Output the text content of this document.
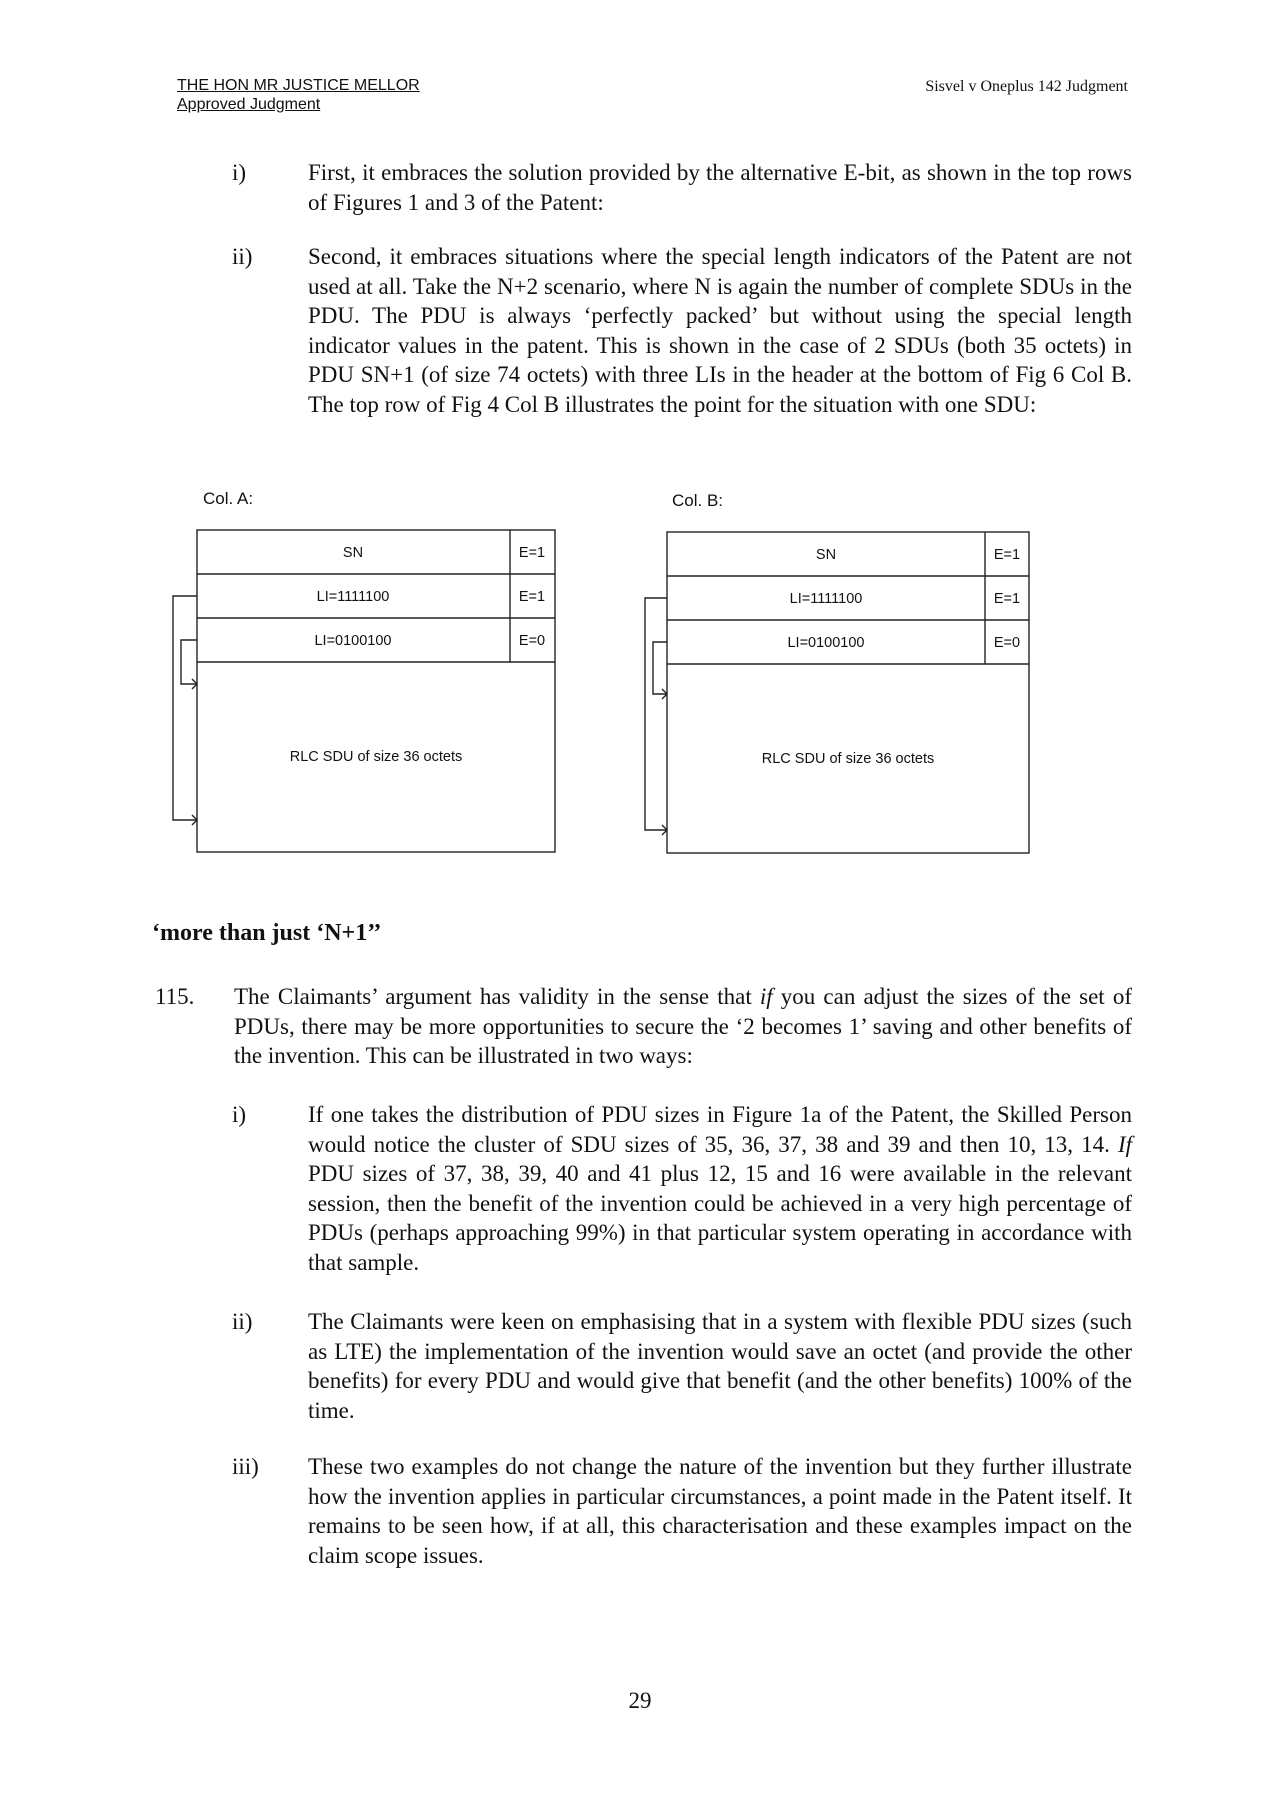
THE HON MR JUSTICE MELLOR
Approved Judgment
Sisvel v Oneplus 142 Judgment
i)	First, it embraces the solution provided by the alternative E-bit, as shown in the top rows of Figures 1 and 3 of the Patent:
ii) Second, it embraces situations where the special length indicators of the Patent are not used at all. Take the N+2 scenario, where N is again the number of complete SDUs in the PDU. The PDU is always ‘perfectly packed’ but without using the special length indicator values in the patent. This is shown in the case of 2 SDUs (both 35 octets) in PDU SN+1 (of size 74 octets) with three LIs in the header at the bottom of Fig 6 Col B. The top row of Fig 4 Col B illustrates the point for the situation with one SDU:
Col. A:	Col. B:
SN	E=1
LI=1111100	E=1
LI=0100100	E=0
RLC SDU of size 36 octets
SN	E=1
LI=1111100	E=1
LI=0100100	E=0
RLC SDU of size 36 octets
‘more than just ‘N+1’’
115. The Claimants’ argument has validity in the sense that if you can adjust the sizes of the set of PDUs, there may be more opportunities to secure the ‘2 becomes 1’ saving and other benefits of the invention. This can be illustrated in two ways:
i)	If one takes the distribution of PDU sizes in Figure 1a of the Patent, the Skilled Person would notice the cluster of SDU sizes of 35, 36, 37, 38 and 39 and then 10, 13, 14. If PDU sizes of 37, 38, 39, 40 and 41 plus 12, 15 and 16 were available in the relevant session, then the benefit of the invention could be achieved in a very high percentage of PDUs (perhaps approaching 99%) in that particular system operating in accordance with that sample.
ii) The Claimants were keen on emphasising that in a system with flexible PDU sizes (such as LTE) the implementation of the invention would save an octet (and provide the other benefits) for every PDU and would give that benefit (and the other benefits) 100% of the time.
iii) These two examples do not change the nature of the invention but they further illustrate how the invention applies in particular circumstances, a point made in the Patent itself. It remains to be seen how, if at all, this characterisation and these examples impact on the claim scope issues.
29
